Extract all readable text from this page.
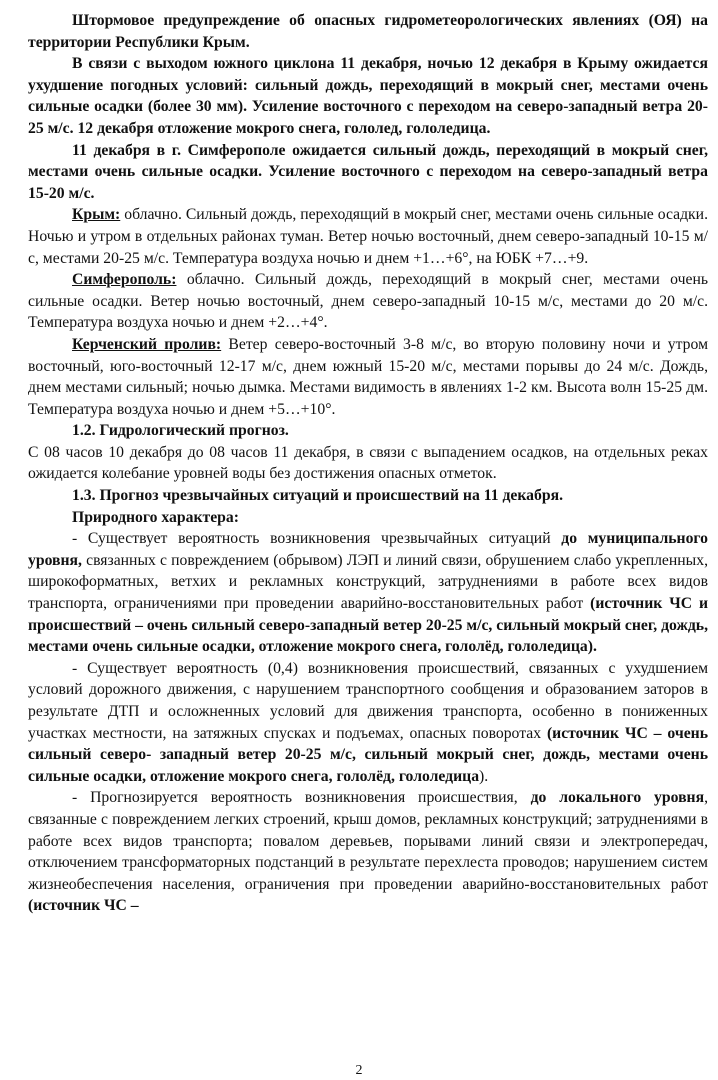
Штормовое предупреждение об опасных гидрометеорологических явлениях (ОЯ) на территории Республики Крым.

В связи с выходом южного циклона 11 декабря, ночью 12 декабря в Крыму ожидается ухудшение погодных условий: сильный дождь, переходящий в мокрый снег, местами очень сильные осадки (более 30 мм). Усиление восточного с переходом на северо-западный ветра 20-25 м/с. 12 декабря отложение мокрого снега, гололед, гололедица.

11 декабря в г. Симферополе ожидается сильный дождь, переходящий в мокрый снег, местами очень сильные осадки. Усиление восточного с переходом на северо-западный ветра 15-20 м/с.

Крым: облачно. Сильный дождь, переходящий в мокрый снег, местами очень сильные осадки. Ночью и утром в отдельных районах туман. Ветер ночью восточный, днем северо-западный 10-15 м/с, местами 20-25 м/с. Температура воздуха ночью и днем +1…+6°, на ЮБК +7…+9.

Симферополь: облачно. Сильный дождь, переходящий в мокрый снег, местами очень сильные осадки. Ветер ночью восточный, днем северо-западный 10-15 м/с, местами до 20 м/с. Температура воздуха ночью и днем +2…+4°.

Керченский пролив: Ветер северо-восточный 3-8 м/с, во вторую половину ночи и утром восточный, юго-восточный 12-17 м/с, днем южный 15-20 м/с, местами порывы до 24 м/с. Дождь, днем местами сильный; ночью дымка. Местами видимость в явлениях 1-2 км. Высота волн 15-25 дм. Температура воздуха ночью и днем +5…+10°.

1.2. Гидрологический прогноз.

С 08 часов 10 декабря до 08 часов 11 декабря, в связи с выпадением осадков, на отдельных реках ожидается колебание уровней воды без достижения опасных отметок.

1.3. Прогноз чрезвычайных ситуаций и происшествий на 11 декабря.

Природного характера:

- Существует вероятность возникновения чрезвычайных ситуаций до муниципального уровня, связанных с повреждением (обрывом) ЛЭП и линий связи, обрушением слабо укрепленных, широкоформатных, ветхих и рекламных конструкций, затруднениями в работе всех видов транспорта, ограничениями при проведении аварийно-восстановительных работ (источник ЧС и происшествий – очень сильный северо-западный ветер 20-25 м/с, сильный мокрый снег, дождь, местами очень сильные осадки, отложение мокрого снега, гололёд, гололедица).

- Существует вероятность (0,4) возникновения происшествий, связанных с ухудшением условий дорожного движения, с нарушением транспортного сообщения и образованием заторов в результате ДТП и осложненных условий для движения транспорта, особенно в пониженных участках местности, на затяжных спусках и подъемах, опасных поворотах (источник ЧС – очень сильный северо- западный ветер 20-25 м/с, сильный мокрый снег, дождь, местами очень сильные осадки, отложение мокрого снега, гололёд, гололедица).

- Прогнозируется вероятность возникновения происшествия, до локального уровня, связанные с повреждением легких строений, крыш домов, рекламных конструкций; затруднениями в работе всех видов транспорта; повалом деревьев, порывами линий связи и электропередач, отключением трансформаторных подстанций в результате перехлеста проводов; нарушением систем жизнеобеспечения населения, ограничения при проведении аварийно-восстановительных работ (источник ЧС –

2
